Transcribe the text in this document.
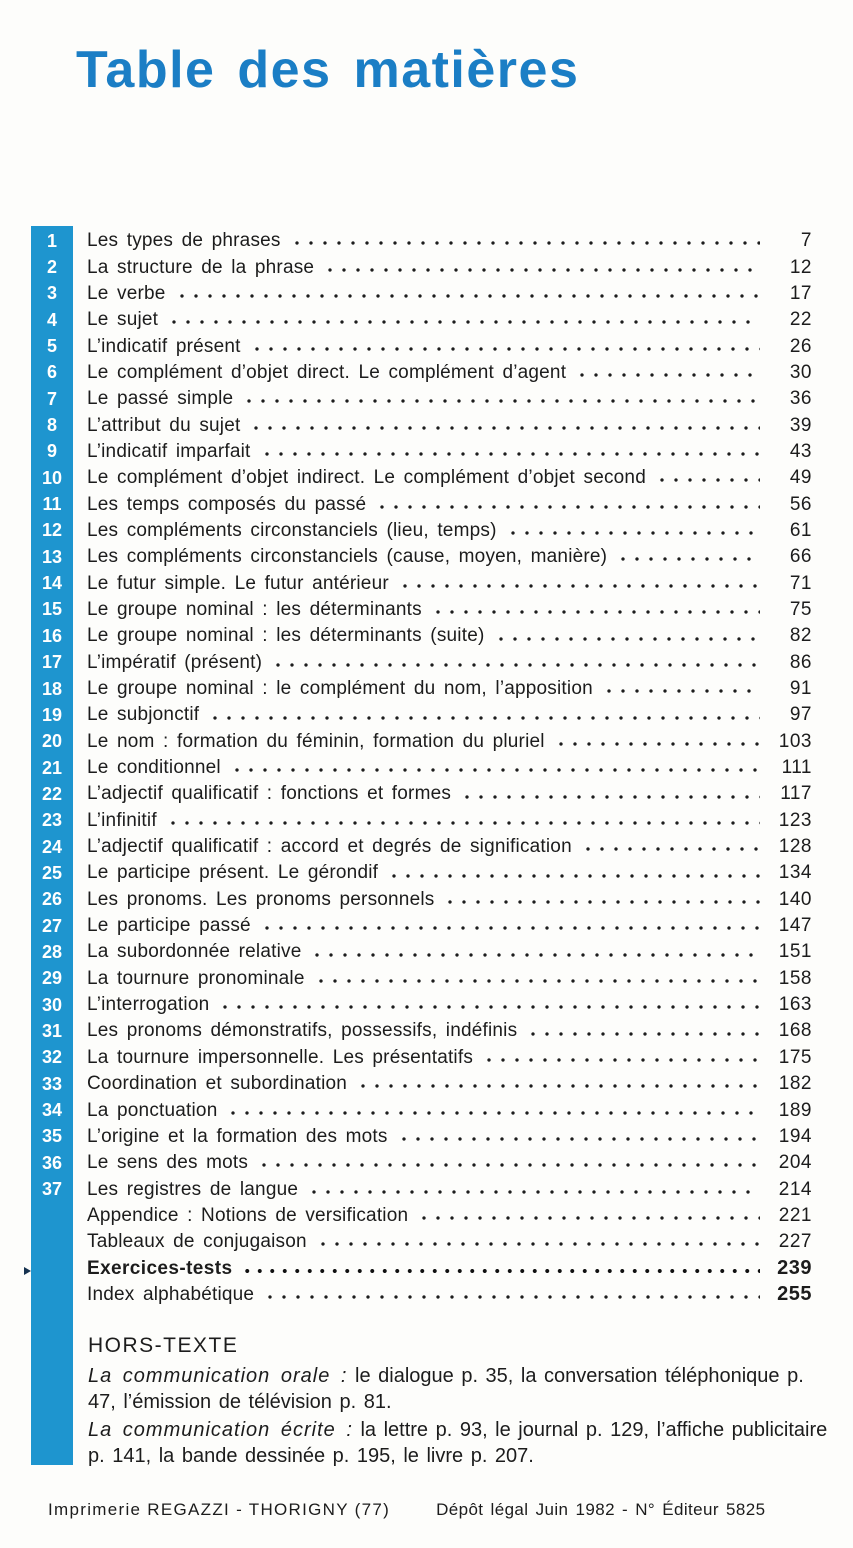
Table des matières
1	Les types de phrases	7
2	La structure de la phrase	12
3	Le verbe	17
4	Le sujet	22
5	L’indicatif présent	26
6	Le complément d’objet direct. Le complément d’agent	30
7	Le passé simple	36
8	L’attribut du sujet	39
9	L’indicatif imparfait	43
10	Le complément d’objet indirect. Le complément d’objet second	49
11	Les temps composés du passé	56
12	Les compléments circonstanciels (lieu, temps)	61
13	Les compléments circonstanciels (cause, moyen, manière)	66
14	Le futur simple. Le futur antérieur	71
15	Le groupe nominal : les déterminants	75
16	Le groupe nominal : les déterminants (suite)	82
17	L’impératif (présent)	86
18	Le groupe nominal : le complément du nom, l’apposition	91
19	Le subjonctif	97
20	Le nom : formation du féminin, formation du pluriel	103
21	Le conditionnel	111
22	L’adjectif qualificatif : fonctions et formes	117
23	L’infinitif	123
24	L’adjectif qualificatif : accord et degrés de signification	128
25	Le participe présent. Le gérondif	134
26	Les pronoms. Les pronoms personnels	140
27	Le participe passé	147
28	La subordonnée relative	151
29	La tournure pronominale	158
30	L’interrogation	163
31	Les pronoms démonstratifs, possessifs, indéfinis	168
32	La tournure impersonnelle. Les présentatifs	175
33	Coordination et subordination	182
34	La ponctuation	189
35	L’origine et la formation des mots	194
36	Le sens des mots	204
37	Les registres de langue	214
Appendice : Notions de versification	221
Tableaux de conjugaison	227
Exercices-tests	239
Index alphabétique	255

HORS-TEXTE

La communication orale : le dialogue p. 35, la conversation téléphonique p. 47, l’émission de télévision p. 81.

La communication écrite : la lettre p. 93, le journal p. 129, l’affiche publicitaire p. 141, la bande dessinée p. 195, le livre p. 207.

Imprimerie REGAZZI - THORIGNY (77)	Dépôt légal Juin 1982 - N° Éditeur 5825
